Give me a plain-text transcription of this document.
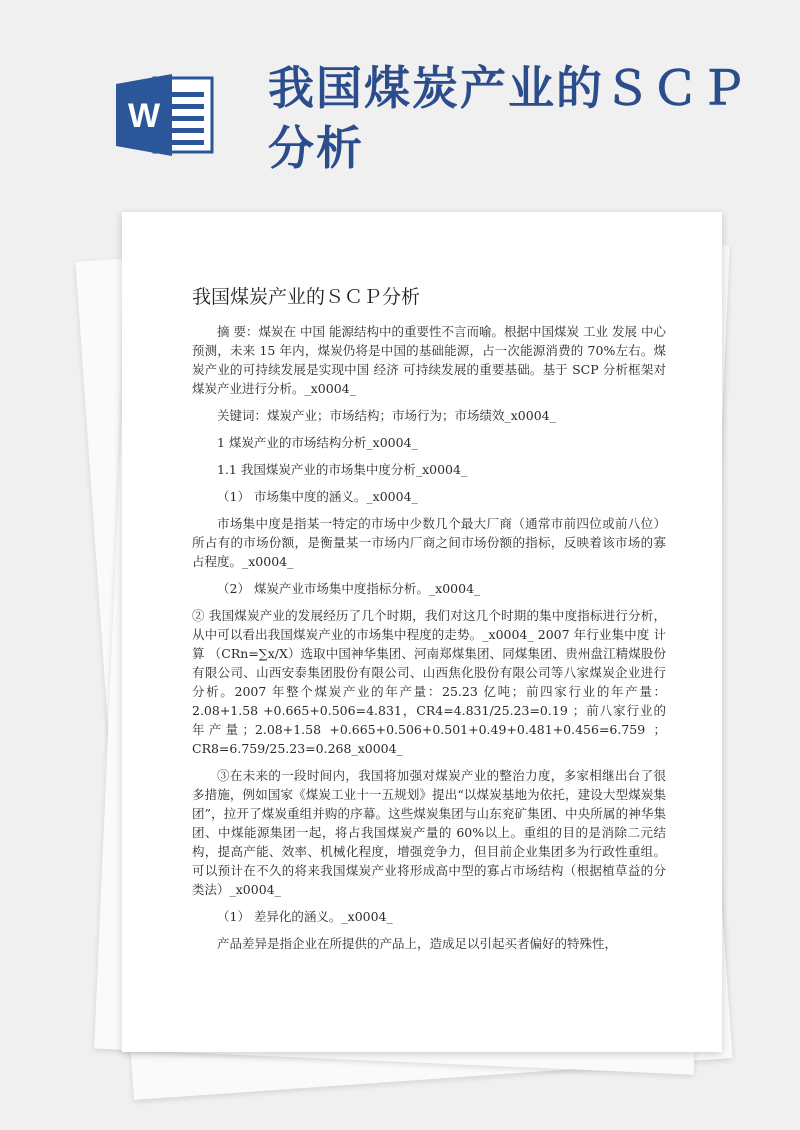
W
我国煤炭产业的ＳＣＰ分析
我国煤炭产业的ＳＣＰ分析

摘 要：煤炭在 中国 能源结构中的重要性不言而喻。根据中国煤炭 工业 发展 中心预测，未来 15 年内，煤炭仍将是中国的基础能源，占一次能源消费的 70%左右。煤炭产业的可持续发展是实现中国 经济 可持续发展的重要基础。基于 SCP 分析框架对煤炭产业进行分析。_x0004_

关键词：煤炭产业；市场结构；市场行为；市场绩效_x0004_

1 煤炭产业的市场结构分析_x0004_

1.1 我国煤炭产业的市场集中度分析_x0004_

（1） 市场集中度的涵义。_x0004_

市场集中度是指某一特定的市场中少数几个最大厂商（通常市前四位或前八位）所占有的市场份额，是衡量某一市场内厂商之间市场份额的指标，反映着该市场的寡占程度。_x0004_

（2） 煤炭产业市场集中度指标分析。_x0004_

② 我国煤炭产业的发展经历了几个时期，我们对这几个时期的集中度指标进行分析，从中可以看出我国煤炭产业的市场集中程度的走势。_x0004_ 2007 年行业集中度 计算 （CRn=∑x/X）选取中国神华集团、河南郑煤集团、同煤集团、贵州盘江精煤股份有限公司、山西安泰集团股份有限公司、山西焦化股份有限公司等八家煤炭企业进行分析。2007 年整个煤炭产业的年产量：25.23 亿吨；前四家行业的年产量：2.08+1.58 +0.665+0.506=4.831，CR4=4.831/25.23=0.19 ；前八家行业的年产量；2.08+1.58 +0.665+0.506+0.501+0.49+0.481+0.456=6.759 ；CR8=6.759/25.23=0.268_x0004_

③在未来的一段时间内，我国将加强对煤炭产业的整治力度，多家相继出台了很多措施，例如国家《煤炭工业十一五规划》提出“以煤炭基地为依托，建设大型煤炭集团”，拉开了煤炭重组并购的序幕。这些煤炭集团与山东兖矿集团、中央所属的神华集团、中煤能源集团一起，将占我国煤炭产量的 60%以上。重组的目的是消除二元结构，提高产能、效率、机械化程度，增强竞争力，但目前企业集团多为行政性重组。可以预计在不久的将来我国煤炭产业将形成高中型的寡占市场结构（根据植草益的分类法）_x0004_

（1） 差异化的涵义。_x0004_

产品差异是指企业在所提供的产品上，造成足以引起买者偏好的特殊性，
